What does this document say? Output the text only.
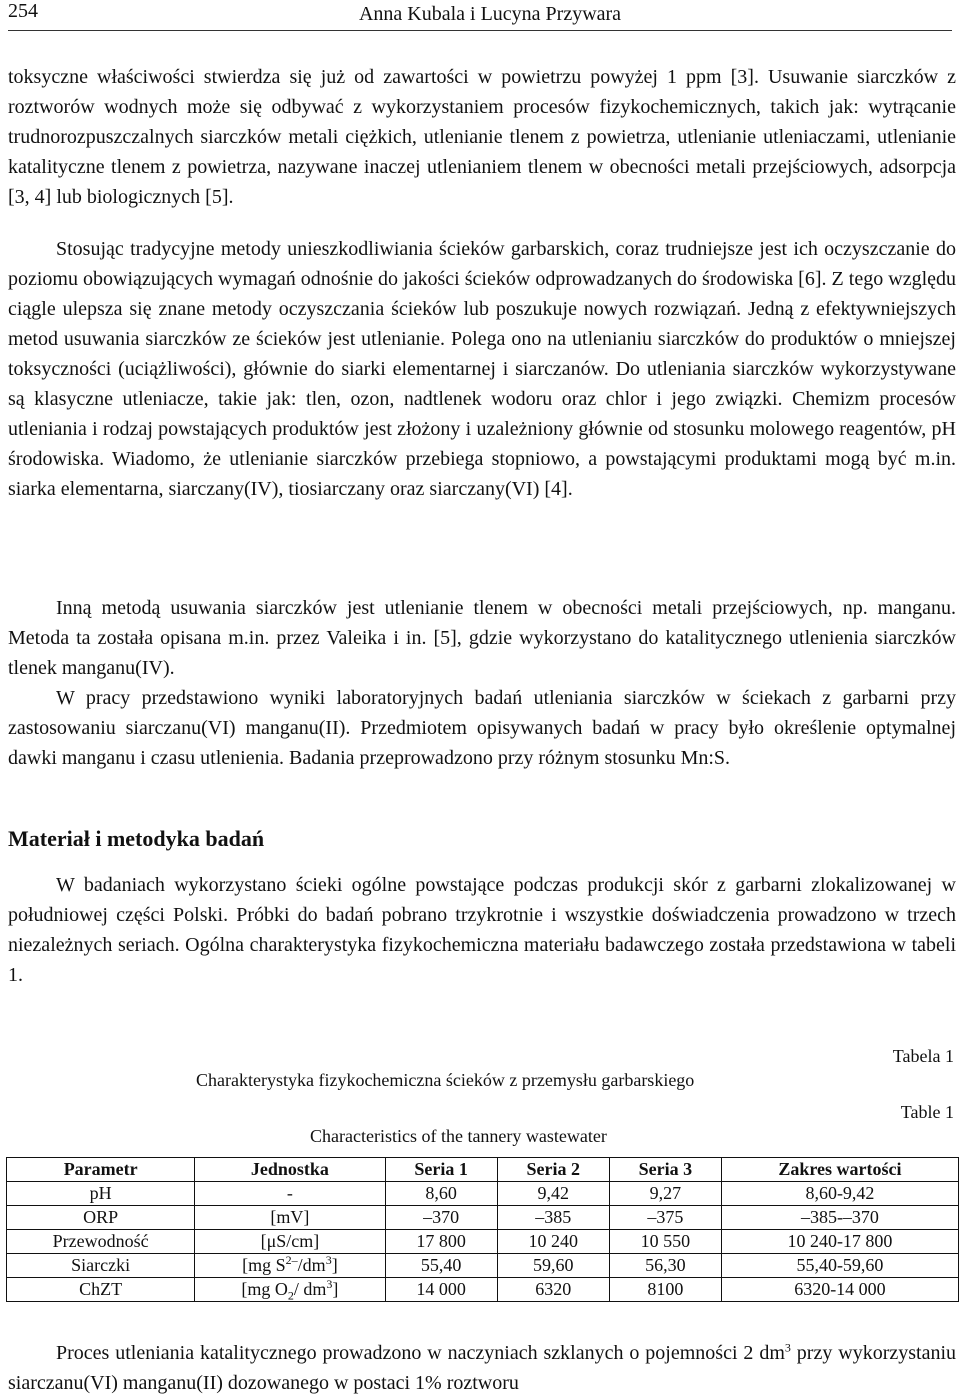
254	Anna Kubala i Lucyna Przywara

toksyczne właściwości stwierdza się już od zawartości w powietrzu powyżej 1 ppm [3]. Usuwanie siarczków z roztworów wodnych może się odbywać z wykorzystaniem procesów fizykochemicznych, takich jak: wytrącanie trudnorozpuszczalnych siarczków metali ciężkich, utlenianie tlenem z powietrza, utlenianie utleniaczami, utlenianie katalityczne tlenem z powietrza, nazywane inaczej utlenianiem tlenem w obecności metali przejściowych, adsorpcja [3, 4] lub biologicznych [5].

Stosując tradycyjne metody unieszkodliwiania ścieków garbarskich, coraz trudniejsze jest ich oczyszczanie do poziomu obowiązujących wymagań odnośnie do jakości ścieków odprowadzanych do środowiska [6]. Z tego względu ciągle ulepsza się znane metody oczyszczania ścieków lub poszukuje nowych rozwiązań. Jedną z efektywniejszych metod usuwania siarczków ze ścieków jest utlenianie. Polega ono na utlenianiu siarczków do produktów o mniejszej toksyczności (uciążliwości), głównie do siarki elementarnej i siarczanów. Do utleniania siarczków wykorzystywane są klasyczne utleniacze, takie jak: tlen, ozon, nadtlenek wodoru oraz chlor i jego związki. Chemizm procesów utleniania i rodzaj powstających produktów jest złożony i uzależniony głównie od stosunku molowego reagentów, pH środowiska. Wiadomo, że utlenianie siarczków przebiega stopniowo, a powstającymi produktami mogą być m.in. siarka elementarna, siarczany(IV), tiosiarczany oraz siarczany(VI) [4].

Inną metodą usuwania siarczków jest utlenianie tlenem w obecności metali przejściowych, np. manganu. Metoda ta została opisana m.in. przez Valeika i in. [5], gdzie wykorzystano do katalitycznego utlenienia siarczków tlenek manganu(IV).

W pracy przedstawiono wyniki laboratoryjnych badań utleniania siarczków w ściekach z garbarni przy zastosowaniu siarczanu(VI) manganu(II). Przedmiotem opisywanych badań w pracy było określenie optymalnej dawki manganu i czasu utlenienia. Badania przeprowadzono przy różnym stosunku Mn:S.

Materiał i metodyka badań

W badaniach wykorzystano ścieki ogólne powstające podczas produkcji skór z garbarni zlokalizowanej w południowej części Polski. Próbki do badań pobrano trzykrotnie i wszystkie doświadczenia prowadzono w trzech niezależnych seriach. Ogólna charakterystyka fizykochemiczna materiału badawczego została przedstawiona w tabeli 1.

Tabela 1
Charakterystyka fizykochemiczna ścieków z przemysłu garbarskiego
Table 1
Characteristics of the tannery wastewater
Parametr	Jednostka	Seria 1	Seria 2	Seria 3	Zakres wartości
pH	-	8,60	9,42	9,27	8,60-9,42
ORP	[mV]	–370	–385	–375	–385-–370
Przewodność	[μS/cm]	17 800	10 240	10 550	10 240-17 800
Siarczki	[mg $S^{2-}/dm^3$]	55,40	59,60	56,30	55,40-59,60
ChZT	[mg $O_2/$ $dm^3$]	14 000	6320	8100	6320-14 000

Proces utleniania katalitycznego prowadzono w naczyniach szklanych o pojemności 2 $dm^3$ przy wykorzystaniu siarczanu(VI) manganu(II) dozowanego w postaci 1% roztworu
